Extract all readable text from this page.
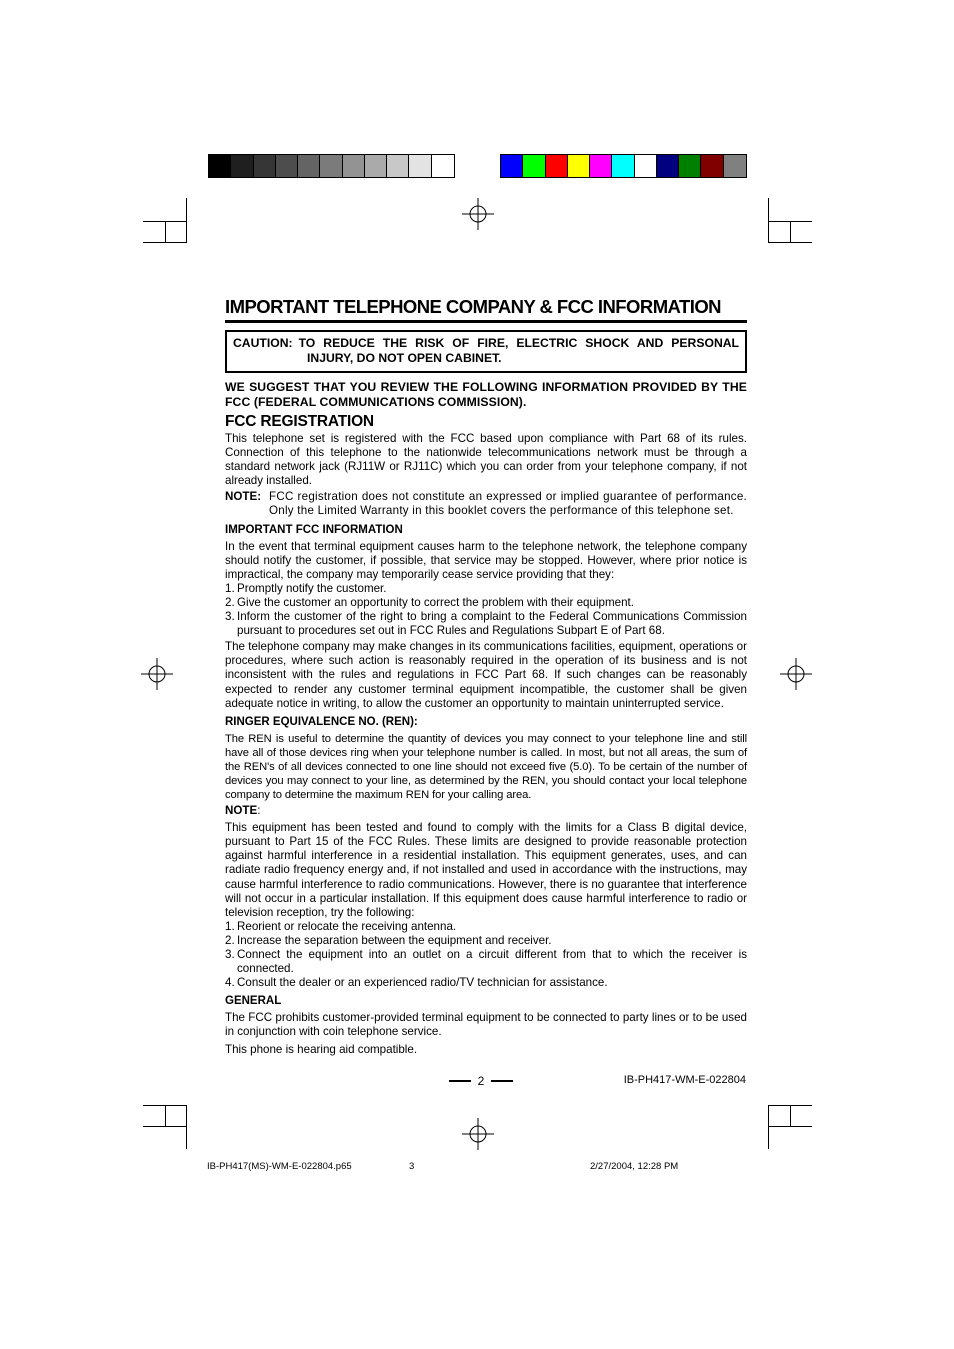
IMPORTANT TELEPHONE COMPANY & FCC INFORMATION
CAUTION: TO REDUCE THE RISK OF FIRE, ELECTRIC SHOCK AND PERSONAL
INJURY, DO NOT OPEN CABINET.
WE SUGGEST THAT YOU REVIEW THE FOLLOWING INFORMATION PROVIDED BY THE FCC (FEDERAL COMMUNICATIONS COMMISSION).
FCC REGISTRATION

This telephone set is registered with the FCC based upon compliance with Part 68 of its rules. Connection of this telephone to the nationwide telecommunications network must be through a standard network jack (RJ11W or RJ11C) which you can order from your telephone company, if not already installed.

NOTE: FCC registration does not constitute an expressed or implied guarantee of performance. Only the Limited Warranty in this booklet covers the performance of this telephone set.
IMPORTANT FCC INFORMATION

In the event that terminal equipment causes harm to the telephone network, the telephone company should notify the customer, if possible, that service may be stopped. However, where prior notice is impractical, the company may temporarily cease service providing that they:

1. Promptly notify the customer.
2. Give the customer an opportunity to correct the problem with their equipment.
3. Inform the customer of the right to bring a complaint to the Federal Communications Commission pursuant to procedures set out in FCC Rules and Regulations Subpart E of Part 68.

The telephone company may make changes in its communications facilities, equipment, operations or procedures, where such action is reasonably required in the operation of its business and is not inconsistent with the rules and regulations in FCC Part 68. If such changes can be reasonably expected to render any customer terminal equipment incompatible, the customer shall be given adequate notice in writing, to allow the customer an opportunity to maintain uninterrupted service.

RINGER EQUIVALENCE NO. (REN):

The REN is useful to determine the quantity of devices you may connect to your telephone line and still have all of those devices ring when your telephone number is called. In most, but not all areas, the sum of the REN's of all devices connected to one line should not exceed five (5.0). To be certain of the number of devices you may connect to your line, as determined by the REN, you should contact your local telephone company to determine the maximum REN for your calling area.

NOTE:

This equipment has been tested and found to comply with the limits for a Class B digital device, pursuant to Part 15 of the FCC Rules. These limits are designed to provide reasonable protection against harmful interference in a residential installation. This equipment generates, uses, and can radiate radio frequency energy and, if not installed and used in accordance with the instructions, may cause harmful interference to radio communications. However, there is no guarantee that interference will not occur in a particular installation. If this equipment does cause harmful interference to radio or television reception, try the following:

1. Reorient or relocate the receiving antenna.
2. Increase the separation between the equipment and receiver.
3. Connect the equipment into an outlet on a circuit different from that to which the receiver is connected.
4. Consult the dealer or an experienced radio/TV technician for assistance.
GENERAL

The FCC prohibits customer-provided terminal equipment to be connected to party lines or to be used in conjunction with coin telephone service.

This phone is hearing aid compatible.

2	IB-PH417-WM-E-022804
IB-PH417(MS)-WM-E-022804.p65	3	2/27/2004, 12:28 PM
